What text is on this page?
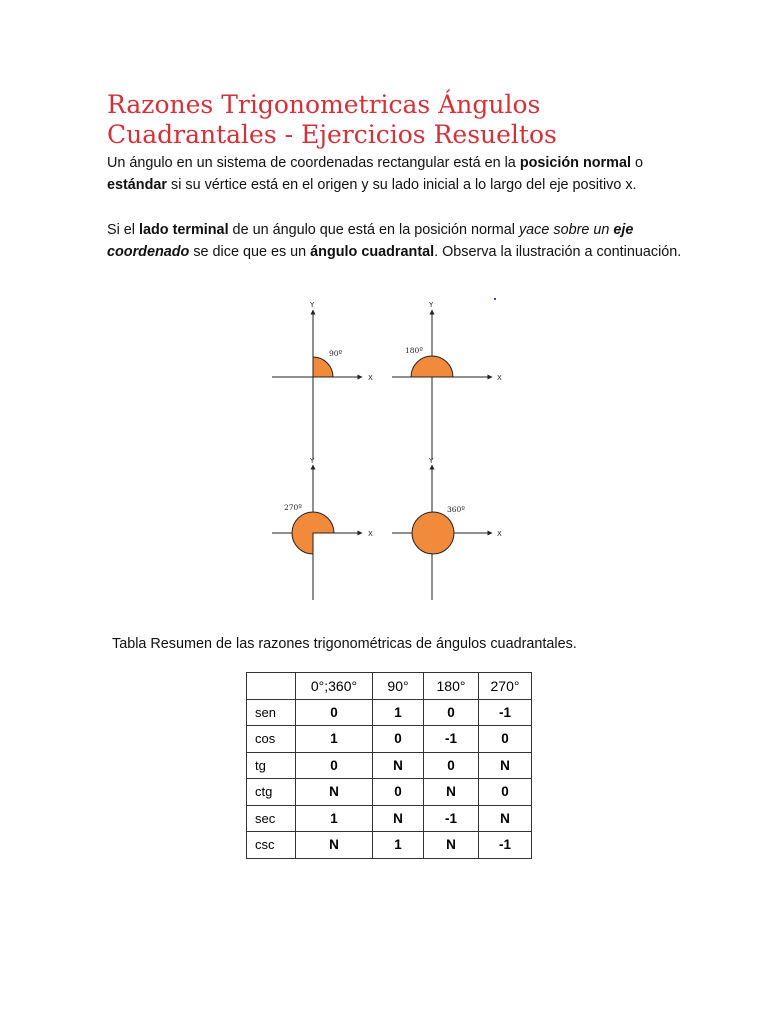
Razones Trigonometricas Ángulos Cuadrantales - Ejercicios Resueltos

Un ángulo en un sistema de coordenadas rectangular está en la posición normal o estándar si su vértice está en el origen y su lado inicial a lo largo del eje positivo x.

Si el lado terminal de un ángulo que está en la posición normal yace sobre un eje coordenado se dice que es un ángulo cuadrantal. Observa la ilustración a continuación.

Y
X
90º
Y
X
180º
Y
X
270º
Y
X
360º

Tabla Resumen de las razones trigonométricas de ángulos cuadrantales.

	0°;360°	90°	180°	270°
sen	0	1	0	-1
cos	1	0	-1	0
tg	0	N	0	N
ctg	N	0	N	0
sec	1	N	-1	N
csc	N	1	N	-1
